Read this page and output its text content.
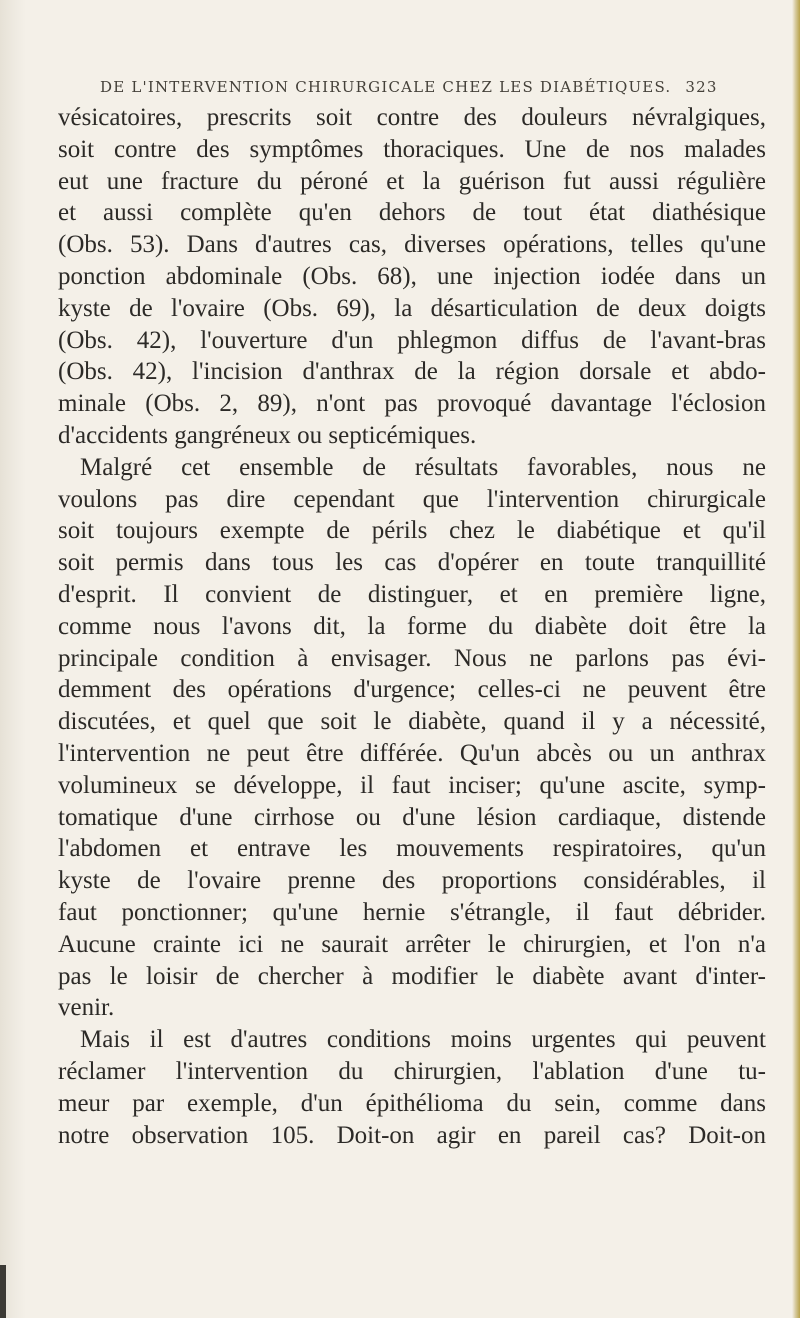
DE L'INTERVENTION CHIRURGICALE CHEZ LES DIABÉTIQUES. 323
vésicatoires, prescrits soit contre des douleurs névralgiques,
soit contre des symptômes thoraciques. Une de nos malades
eut une fracture du péroné et la guérison fut aussi régulière
et aussi complète qu'en dehors de tout état diathésique
(Obs. 53). Dans d'autres cas, diverses opérations, telles qu'une
ponction abdominale (Obs. 68), une injection iodée dans un
kyste de l'ovaire (Obs. 69), la désarticulation de deux doigts
(Obs. 42), l'ouverture d'un phlegmon diffus de l'avant-bras
(Obs. 42), l'incision d'anthrax de la région dorsale et abdo-
minale (Obs. 2, 89), n'ont pas provoqué davantage l'éclosion
d'accidents gangréneux ou septicémiques.
Malgré cet ensemble de résultats favorables, nous ne
voulons pas dire cependant que l'intervention chirurgicale
soit toujours exempte de périls chez le diabétique et qu'il
soit permis dans tous les cas d'opérer en toute tranquillité
d'esprit. Il convient de distinguer, et en première ligne,
comme nous l'avons dit, la forme du diabète doit être la
principale condition à envisager. Nous ne parlons pas évi-
demment des opérations d'urgence; celles-ci ne peuvent être
discutées, et quel que soit le diabète, quand il y a nécessité,
l'intervention ne peut être différée. Qu'un abcès ou un anthrax
volumineux se développe, il faut inciser; qu'une ascite, symp-
tomatique d'une cirrhose ou d'une lésion cardiaque, distende
l'abdomen et entrave les mouvements respiratoires, qu'un
kyste de l'ovaire prenne des proportions considérables, il
faut ponctionner; qu'une hernie s'étrangle, il faut débrider.
Aucune crainte ici ne saurait arrêter le chirurgien, et l'on n'a
pas le loisir de chercher à modifier le diabète avant d'inter-
venir.
Mais il est d'autres conditions moins urgentes qui peuvent
réclamer l'intervention du chirurgien, l'ablation d'une tu-
meur par exemple, d'un épithélioma du sein, comme dans
notre observation 105. Doit-on agir en pareil cas? Doit-on
